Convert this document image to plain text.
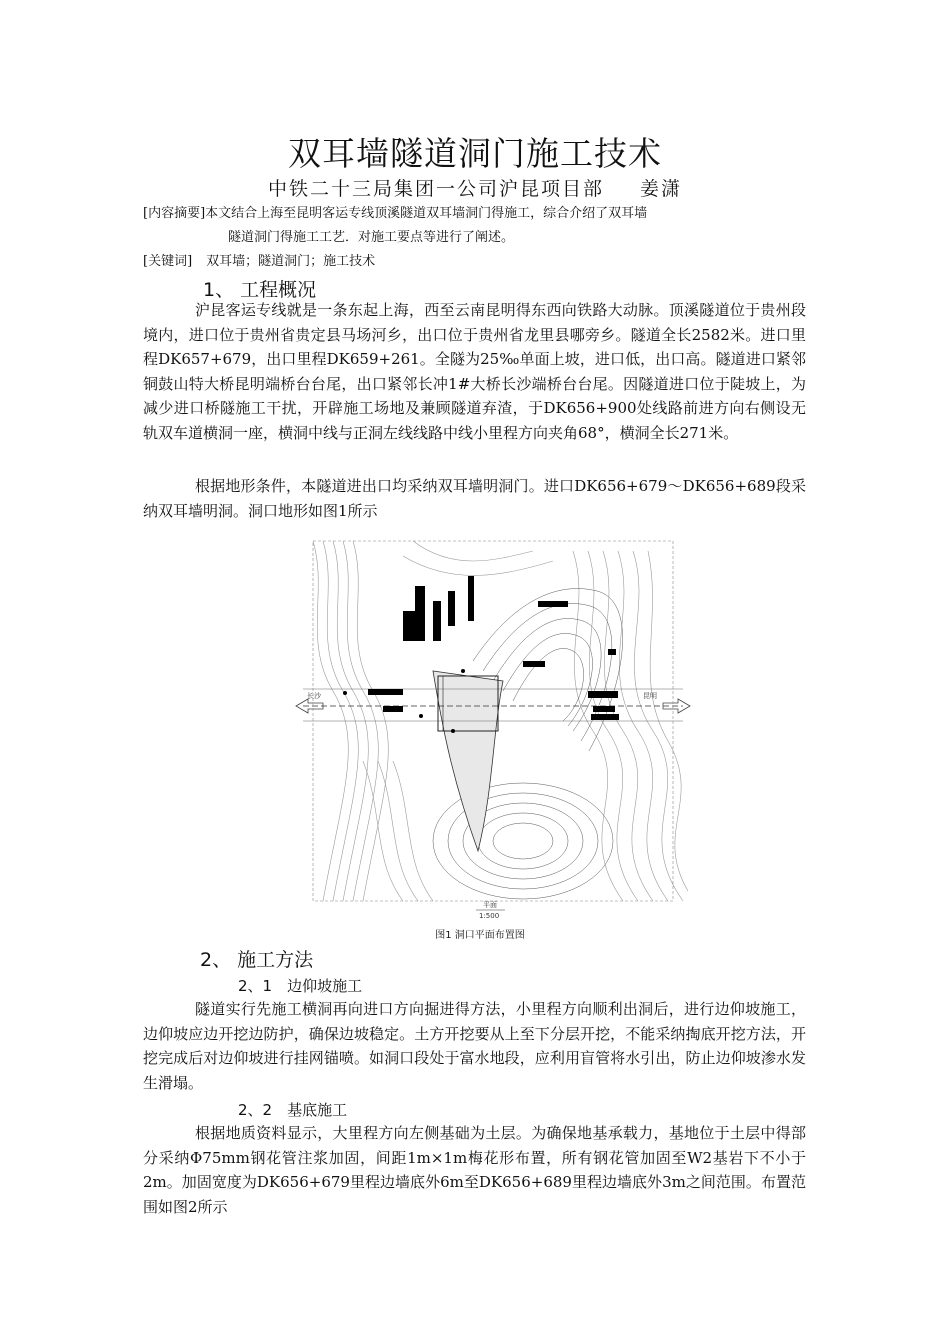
双耳墙隧道洞门施工技术
中铁二十三局集团一公司沪昆项目部 姜潇
[内容摘要]本文结合上海至昆明客运专线顶溪隧道双耳墙洞门得施工，综合介绍了双耳墙
隧道洞门得施工工艺．对施工要点等进行了阐述。
[关键词] 双耳墙；隧道洞门；施工技术
1、 工程概况

沪昆客运专线就是一条东起上海，西至云南昆明得东西向铁路大动脉。顶溪隧道位于贵州段境内，进口位于贵州省贵定县马场河乡，出口位于贵州省龙里县哪旁乡。隧道全长2582米。进口里程DK657+679，出口里程DK659+261。全隧为25‰单面上坡，进口低，出口高。隧道进口紧邻铜鼓山特大桥昆明端桥台台尾，出口紧邻长冲1#大桥长沙端桥台台尾。因隧道进口位于陡坡上，为减少进口桥隧施工干扰，开辟施工场地及兼顾隧道弃渣，于DK656+900处线路前进方向右侧设无轨双车道横洞一座，横洞中线与正洞左线线路中线小里程方向夹角68°，横洞全长271米。

根据地形条件，本隧道进出口均采纳双耳墙明洞门。进口DK656+679～DK656+689段采纳双耳墙明洞。洞口地形如图1所示

长沙	昆明
平面
1:500
图1 洞口平面布置图
2、 施工方法
2、1　边仰坡施工

隧道实行先施工横洞再向进口方向掘进得方法，小里程方向顺利出洞后，进行边仰坡施工，边仰坡应边开挖边防护，确保边坡稳定。土方开挖要从上至下分层开挖，不能采纳掏底开挖方法，开挖完成后对边仰坡进行挂网锚喷。如洞口段处于富水地段，应利用盲管将水引出，防止边仰坡渗水发生滑塌。

2、2　基底施工

根据地质资料显示，大里程方向左侧基础为土层。为确保地基承载力，基地位于土层中得部分采纳Φ75mm钢花管注浆加固，间距1m×1m梅花形布置，所有钢花管加固至W2基岩下不小于2m。加固宽度为DK656+679里程边墙底外6m至DK656+689里程边墙底外3m之间范围。布置范围如图2所示
